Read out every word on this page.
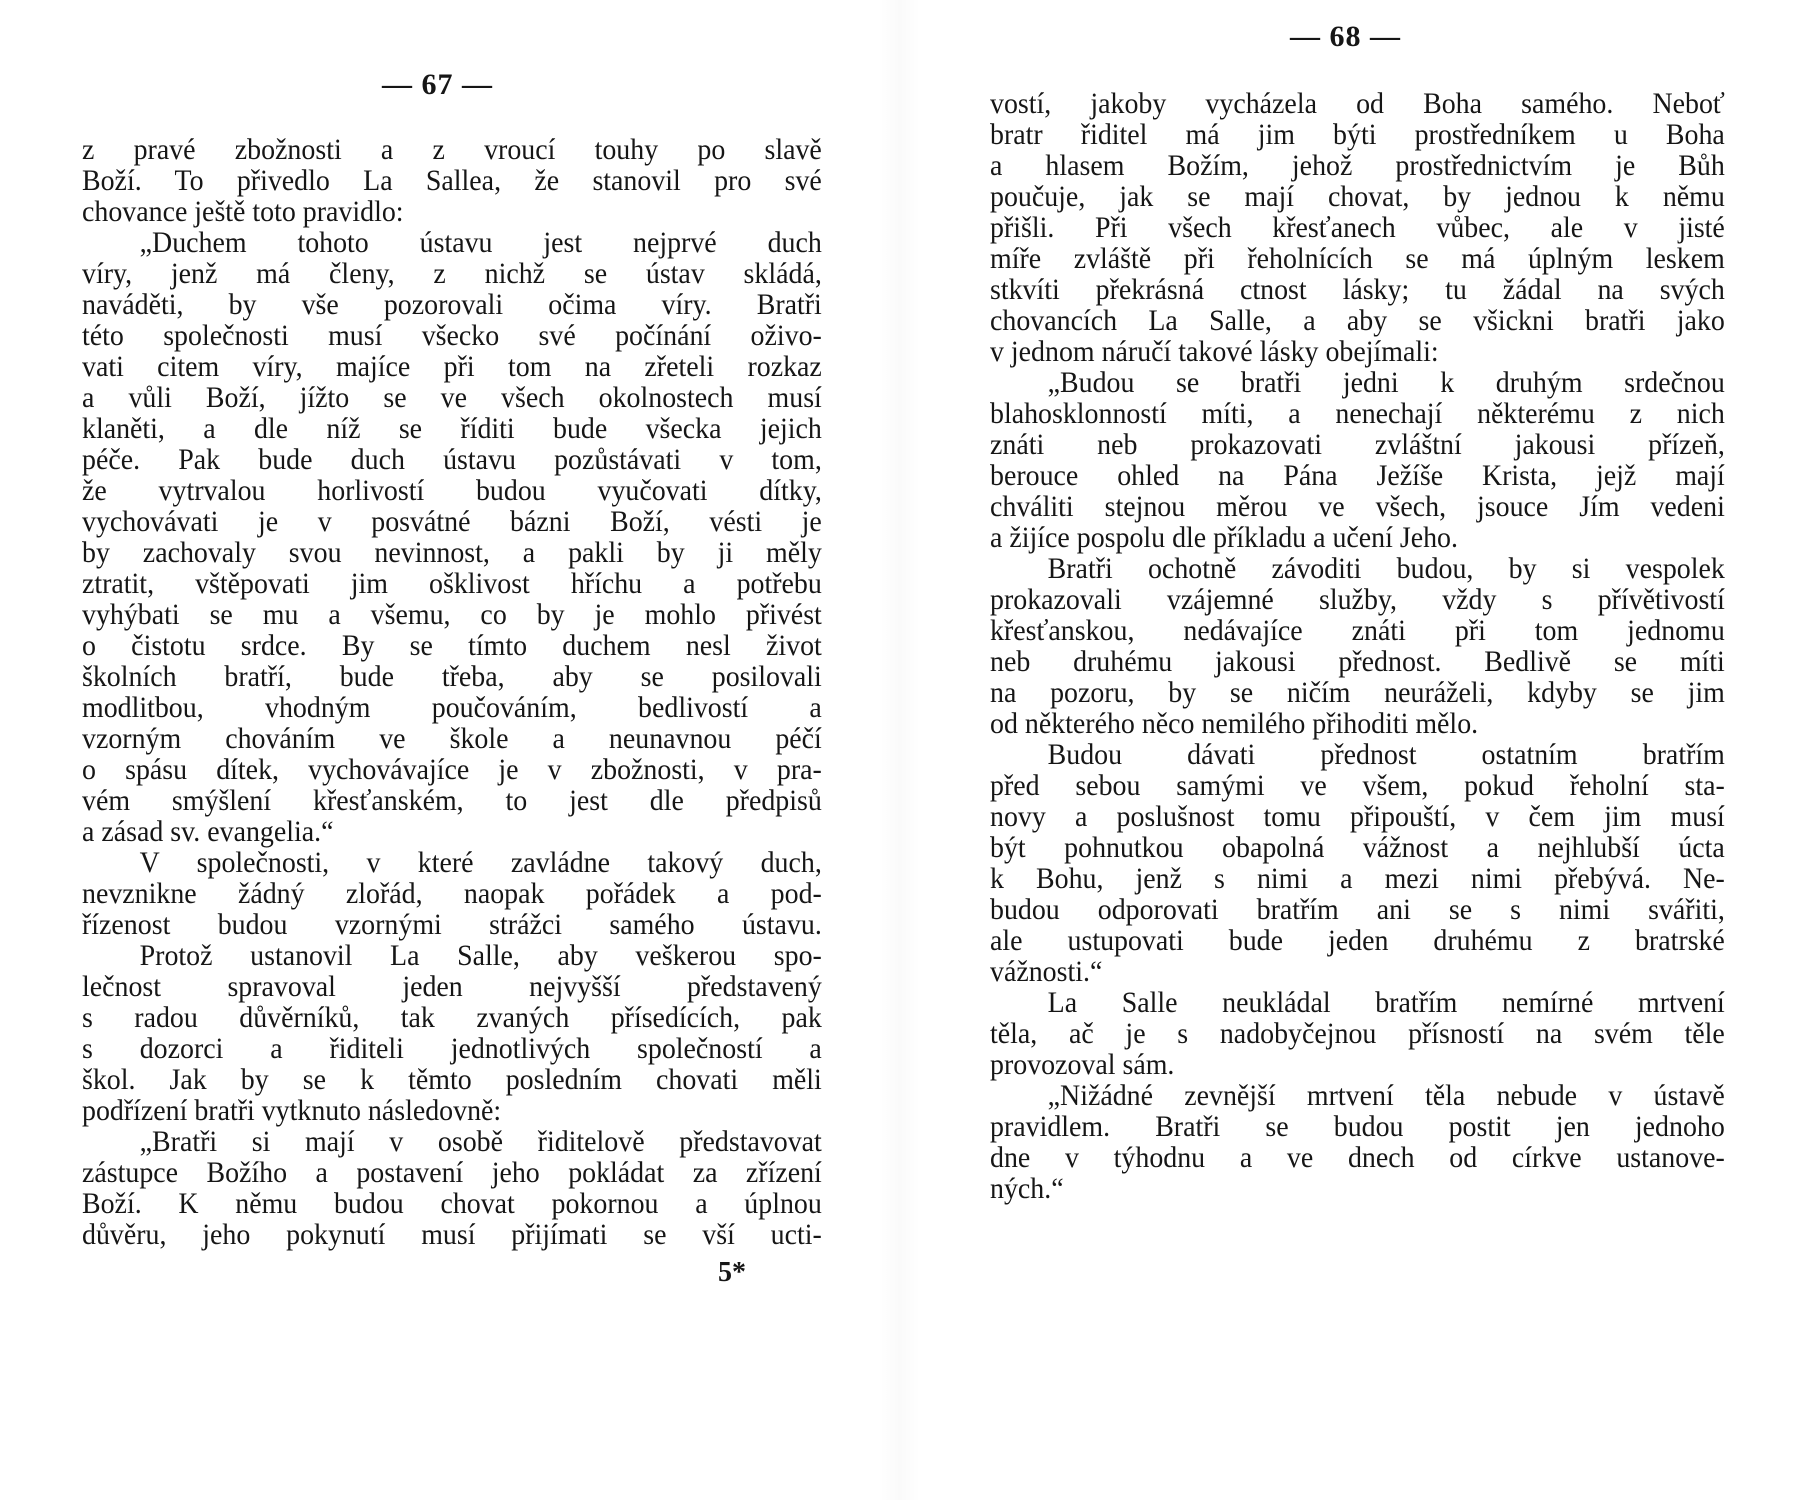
— 67 —
z pravé zbožnosti a z vroucí touhy po slavě
Boží. To přivedlo La Sallea, že stanovil pro své
chovance ještě toto pravidlo:
„Duchem tohoto ústavu jest nejprvé duch
víry, jenž má členy, z nichž se ústav skládá,
naváděti, by vše pozorovali očima víry. Bratři
této společnosti musí všecko své počínání oživo-
vati citem víry, majíce při tom na zřeteli rozkaz
a vůli Boží, jížto se ve všech okolnostech musí
klaněti, a dle níž se říditi bude všecka jejich
péče. Pak bude duch ústavu pozůstávati v tom,
že vytrvalou horlivostí budou vyučovati dítky,
vychovávati je v posvátné bázni Boží, vésti je
by zachovaly svou nevinnost, a pakli by ji měly
ztratit, vštěpovati jim ošklivost hříchu a potřebu
vyhýbati se mu a všemu, co by je mohlo přivést
o čistotu srdce. By se tímto duchem nesl život
školních bratří, bude třeba, aby se posilovali
modlitbou, vhodným poučováním, bedlivostí a
vzorným chováním ve škole a neunavnou péčí
o spásu dítek, vychovávajíce je v zbožnosti, v pra-
vém smýšlení křesťanském, to jest dle předpisů
a zásad sv. evangelia.“
V společnosti, v které zavládne takový duch,
nevznikne žádný zlořád, naopak pořádek a pod-
řízenost budou vzornými strážci samého ústavu.
Protož ustanovil La Salle, aby veškerou spo-
lečnost spravoval jeden nejvyšší představený
s radou důvěrníků, tak zvaných přísedících, pak
s dozorci a řiditeli jednotlivých společností a
škol. Jak by se k těmto posledním chovati měli
podřízení bratři vytknuto následovně:
„Bratři si mají v osobě řiditelově představovat
zástupce Božího a postavení jeho pokládat za zřízení
Boží. K němu budou chovat pokornou a úplnou
důvěru, jeho pokynutí musí přijímati se vší ucti-
5*
— 68 —
vostí, jakoby vycházela od Boha samého. Neboť
bratr řiditel má jim býti prostředníkem u Boha
a hlasem Božím, jehož prostřednictvím je Bůh
poučuje, jak se mají chovat, by jednou k němu
přišli. Při všech křesťanech vůbec, ale v jisté
míře zvláště při řeholnících se má úplným leskem
stkvíti překrásná ctnost lásky; tu žádal na svých
chovancích La Salle, a aby se všickni bratři jako
v jednom náručí takové lásky obejímali:
„Budou se bratři jedni k druhým srdečnou
blahosklonností míti, a nenechají některému z nich
znáti neb prokazovati zvláštní jakousi přízeň,
berouce ohled na Pána Ježíše Krista, jejž mají
chváliti stejnou měrou ve všech, jsouce Jím vedeni
a žijíce pospolu dle příkladu a učení Jeho.
Bratři ochotně závoditi budou, by si vespolek
prokazovali vzájemné služby, vždy s přívětivostí
křesťanskou, nedávajíce znáti při tom jednomu
neb druhému jakousi přednost. Bedlivě se míti
na pozoru, by se ničím neuráželi, kdyby se jim
od některého něco nemilého přihoditi mělo.
Budou dávati přednost ostatním bratřím
před sebou samými ve všem, pokud řeholní sta-
novy a poslušnost tomu připouští, v čem jim musí
být pohnutkou obapolná vážnost a nejhlubší úcta
k Bohu, jenž s nimi a mezi nimi přebývá. Ne-
budou odporovati bratřím ani se s nimi svářiti,
ale ustupovati bude jeden druhému z bratrské
vážnosti.“
La Salle neukládal bratřím nemírné mrtvení
těla, ač je s nadobyčejnou přísností na svém těle
provozoval sám.
„Nižádné zevnější mrtvení těla nebude v ústavě
pravidlem. Bratři se budou postit jen jednoho
dne v týhodnu a ve dnech od církve ustanove-
ných.“
